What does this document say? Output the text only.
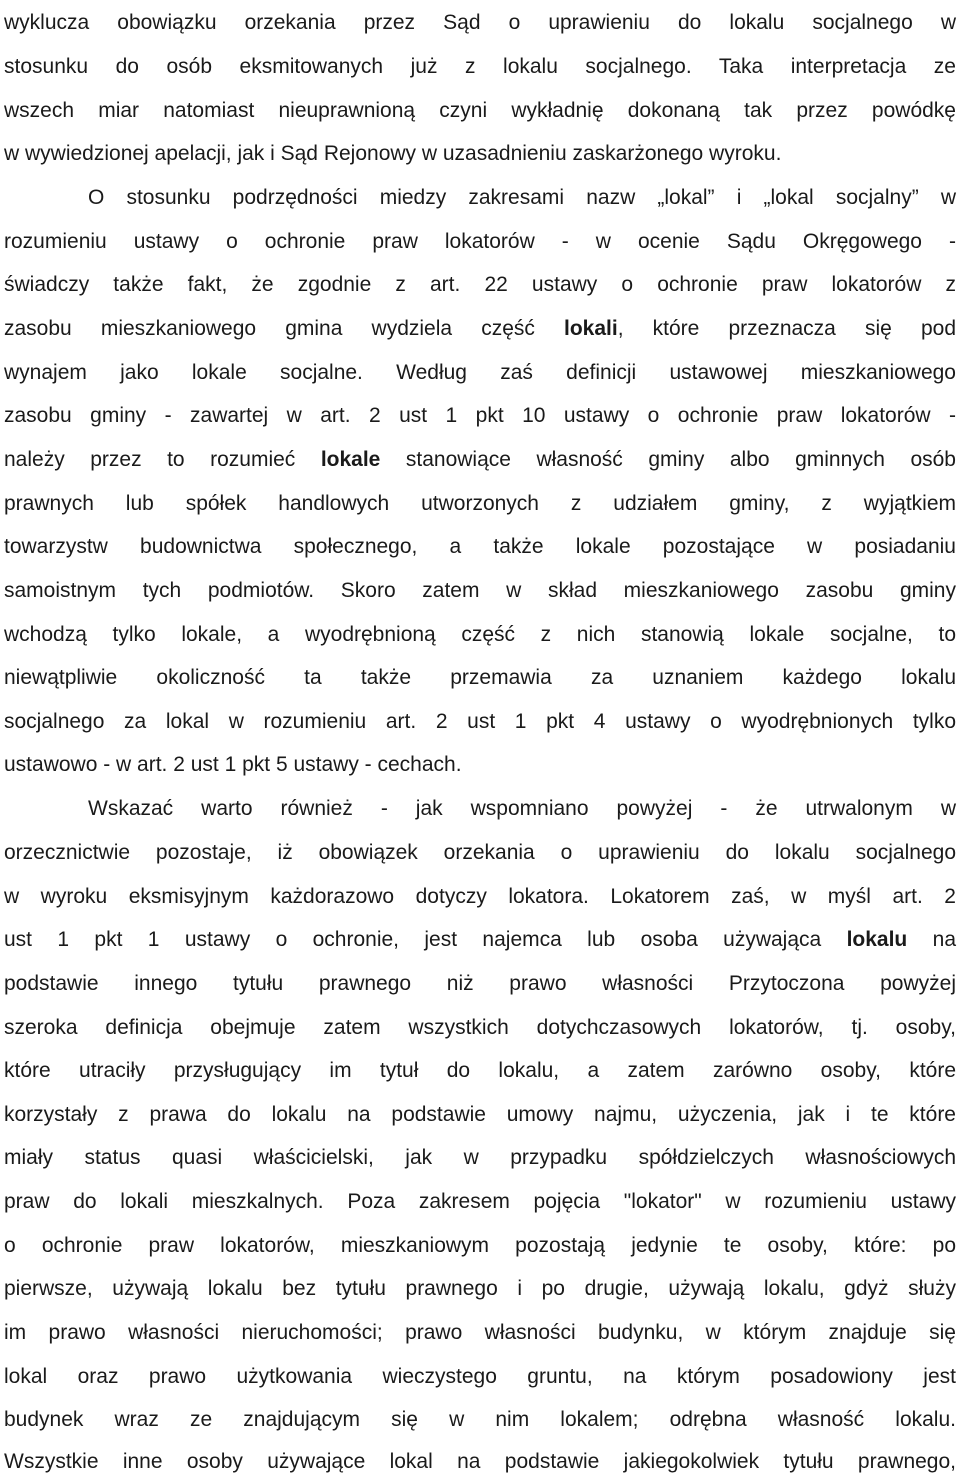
wyklucza obowiązku orzekania przez Sąd o uprawieniu do lokalu socjalnego w
stosunku do osób eksmitowanych już z lokalu socjalnego. Taka interpretacja ze
wszech miar natomiast nieuprawnioną czyni wykładnię dokonaną tak przez powódkę
w wywiedzionej apelacji, jak i Sąd Rejonowy w uzasadnieniu zaskarżonego wyroku.
O stosunku podrzędności miedzy zakresami nazw „lokal” i „lokal socjalny” w
rozumieniu ustawy o ochronie praw lokatorów - w ocenie Sądu Okręgowego -
świadczy także fakt, że zgodnie z art. 22 ustawy o ochronie praw lokatorów z
zasobu mieszkaniowego gmina wydziela część lokali, które przeznacza się pod
wynajem jako lokale socjalne. Według zaś definicji ustawowej mieszkaniowego
zasobu gminy - zawartej w art. 2 ust 1 pkt 10 ustawy o ochronie praw lokatorów -
należy przez to rozumieć lokale stanowiące własność gminy albo gminnych osób
prawnych lub spółek handlowych utworzonych z udziałem gminy, z wyjątkiem
towarzystw budownictwa społecznego, a także lokale pozostające w posiadaniu
samoistnym tych podmiotów. Skoro zatem w skład mieszkaniowego zasobu gminy
wchodzą tylko lokale, a wyodrębnioną część z nich stanowią lokale socjalne, to
niewątpliwie okoliczność ta także przemawia za uznaniem każdego lokalu
socjalnego za lokal w rozumieniu art. 2 ust 1 pkt 4 ustawy o wyodrębnionych tylko
ustawowo - w art. 2 ust 1 pkt 5 ustawy - cechach.
Wskazać warto również - jak wspomniano powyżej - że utrwalonym w
orzecznictwie pozostaje, iż obowiązek orzekania o uprawieniu do lokalu socjalnego
w wyroku eksmisyjnym każdorazowo dotyczy lokatora. Lokatorem zaś, w myśl art. 2
ust 1 pkt 1 ustawy o ochronie, jest najemca lub osoba używająca lokalu na
podstawie innego tytułu prawnego niż prawo własności Przytoczona powyżej
szeroka definicja obejmuje zatem wszystkich dotychczasowych lokatorów, tj. osoby,
które utraciły przysługujący im tytuł do lokalu, a zatem zarówno osoby, które
korzystały z prawa do lokalu na podstawie umowy najmu, użyczenia, jak i te które
miały status quasi właścicielski, jak w przypadku spółdzielczych własnościowych
praw do lokali mieszkalnych. Poza zakresem pojęcia "lokator" w rozumieniu ustawy
o ochronie praw lokatorów, mieszkaniowym pozostają jedynie te osoby, które: po
pierwsze, używają lokalu bez tytułu prawnego i po drugie, używają lokalu, gdyż służy
im prawo własności nieruchomości; prawo własności budynku, w którym znajduje się
lokal oraz prawo użytkowania wieczystego gruntu, na którym posadowiony jest
budynek wraz ze znajdującym się w nim lokalem; odrębna własność lokalu.
Wszystkie inne osoby używające lokal na podstawie jakiegokolwiek tytułu prawnego,
